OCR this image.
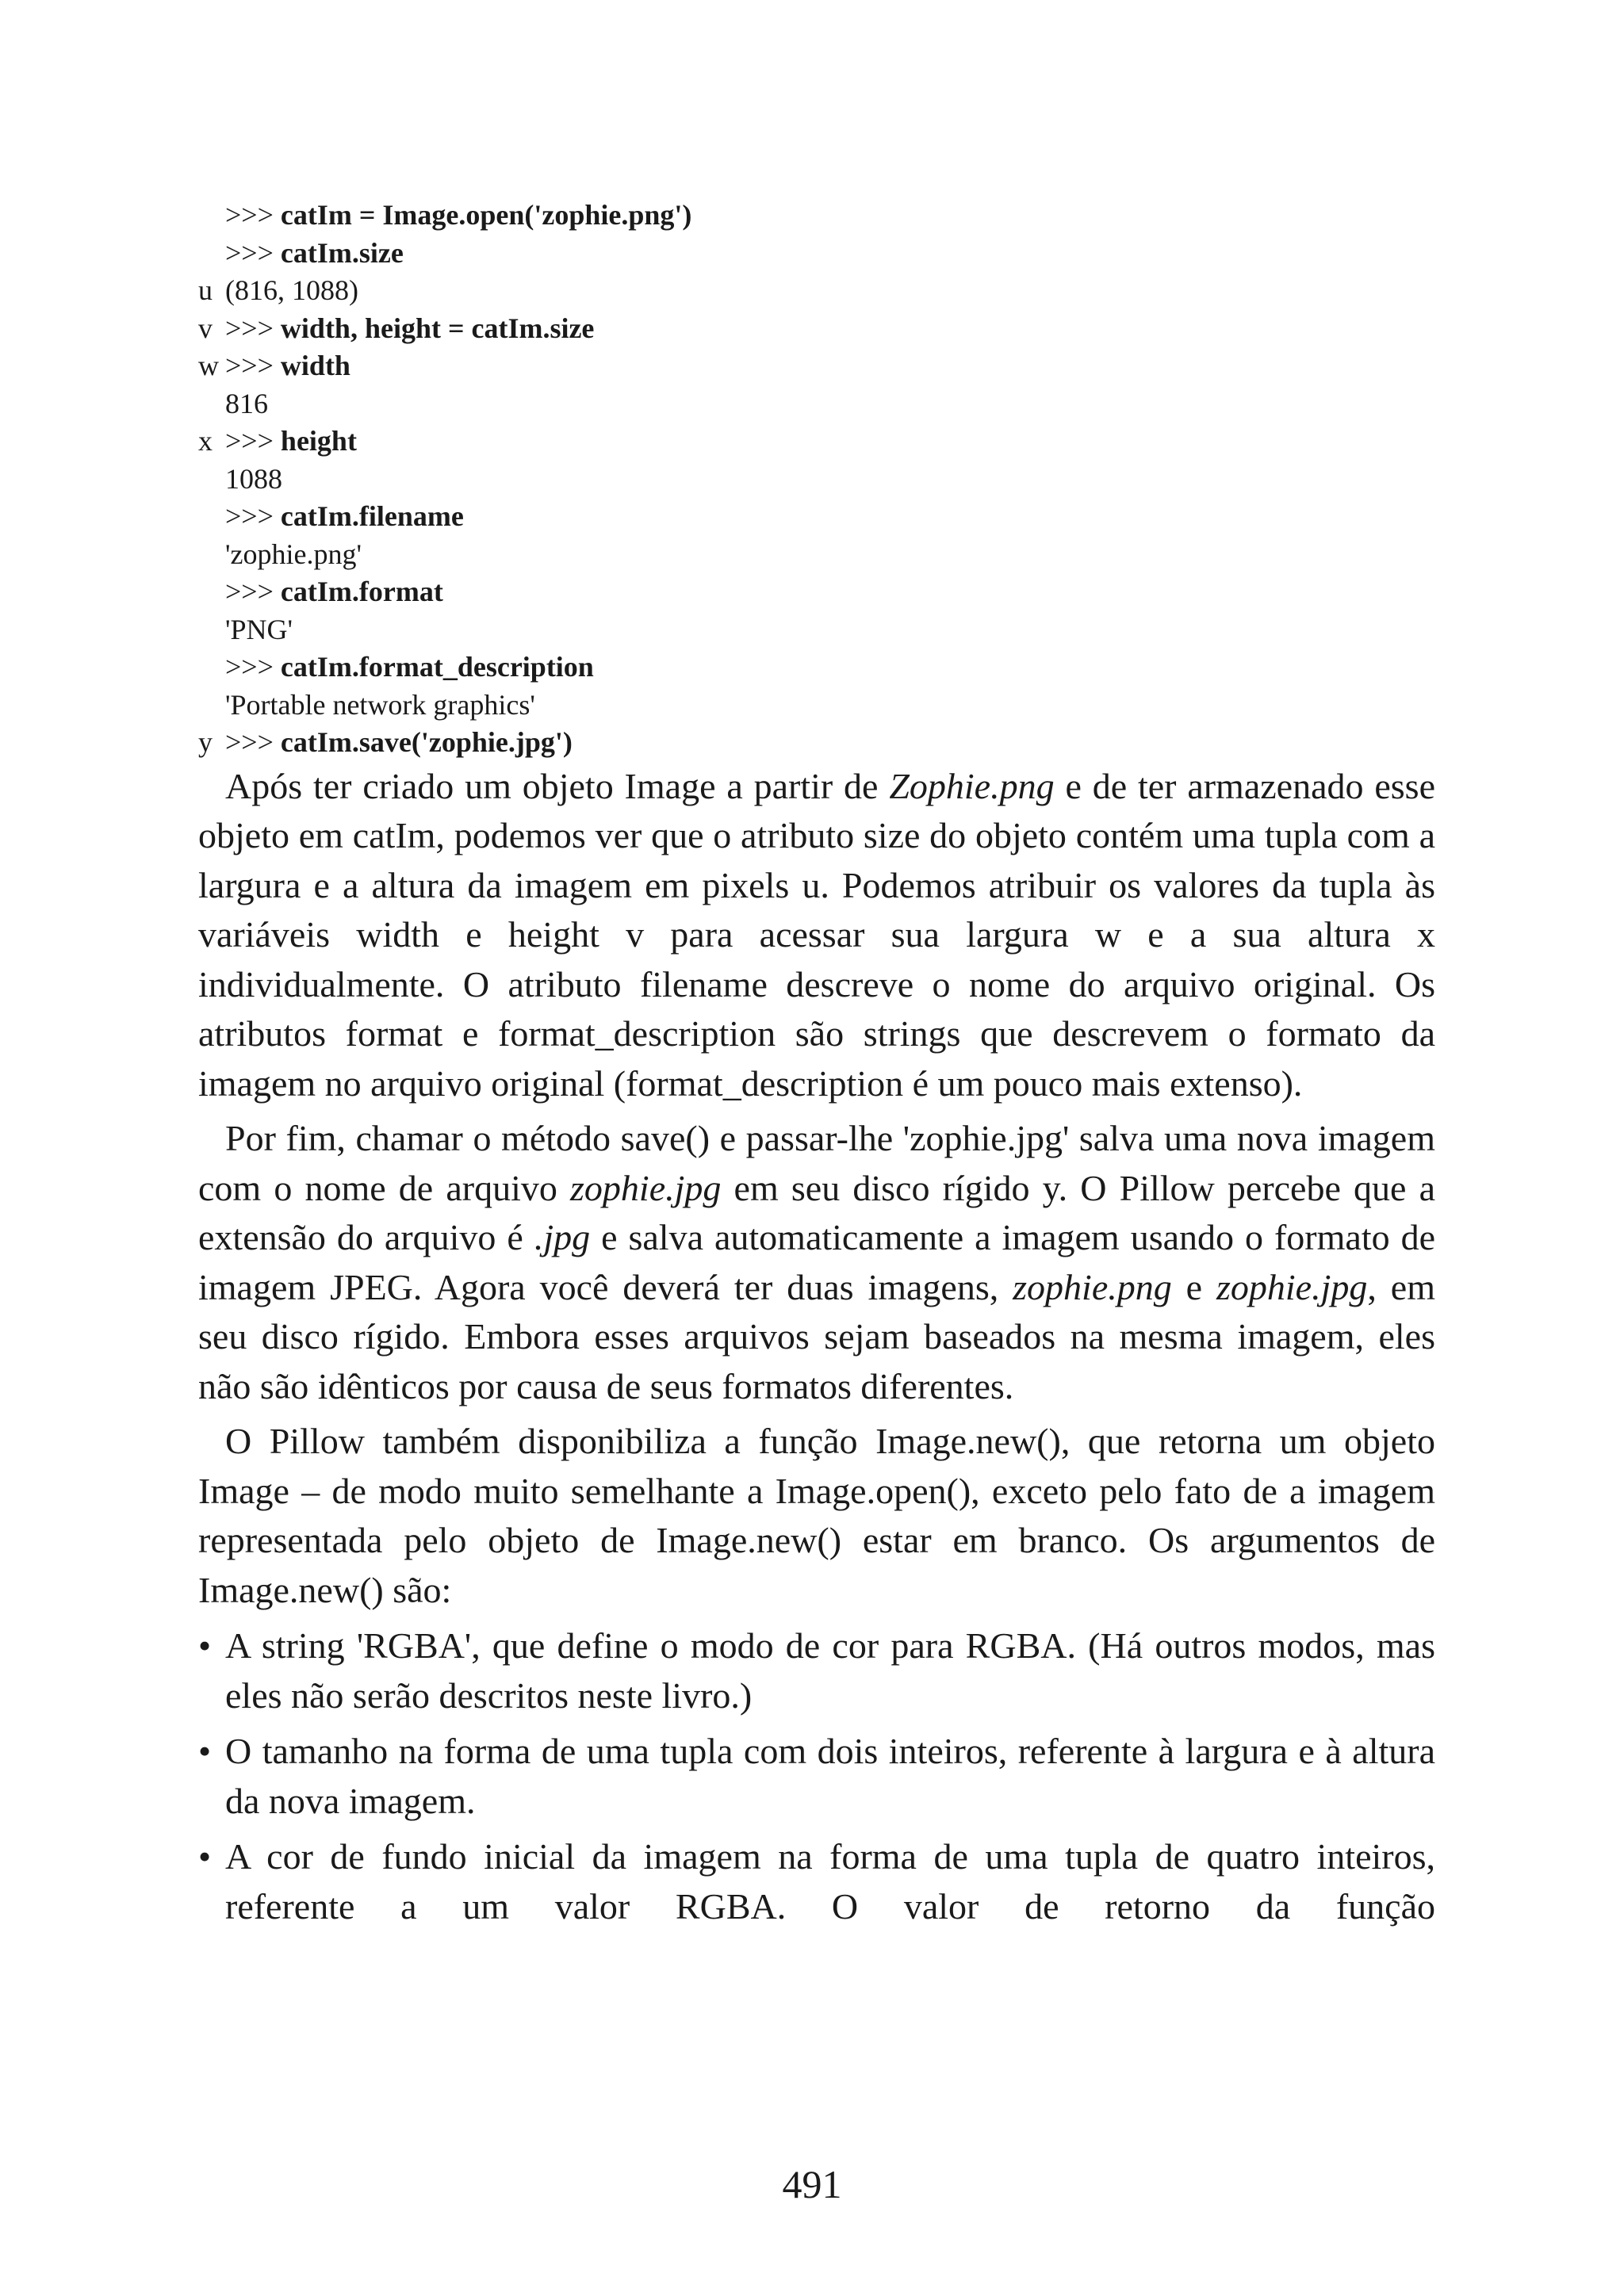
>>> catIm = Image.open('zophie.png')
>>> catIm.size
u (816, 1088)
v >>> width, height = catIm.size
w >>> width
816
x >>> height
1088
>>> catIm.filename
'zophie.png'
>>> catIm.format
'PNG'
>>> catIm.format_description
'Portable network graphics'
y >>> catIm.save('zophie.jpg')

Após ter criado um objeto Image a partir de Zophie.png e de ter armazenado esse objeto em catIm, podemos ver que o atributo size do objeto contém uma tupla com a largura e a altura da imagem em pixels u. Podemos atribuir os valores da tupla às variáveis width e height v para acessar sua largura w e a sua altura x individualmente. O atributo filename descreve o nome do arquivo original. Os atributos format e format_description são strings que descrevem o formato da imagem no arquivo original (format_description é um pouco mais extenso).

Por fim, chamar o método save() e passar-lhe 'zophie.jpg' salva uma nova imagem com o nome de arquivo zophie.jpg em seu disco rígido y. O Pillow percebe que a extensão do arquivo é .jpg e salva automaticamente a imagem usando o formato de imagem JPEG. Agora você deverá ter duas imagens, zophie.png e zophie.jpg, em seu disco rígido. Embora esses arquivos sejam baseados na mesma imagem, eles não são idênticos por causa de seus formatos diferentes.

O Pillow também disponibiliza a função Image.new(), que retorna um objeto Image – de modo muito semelhante a Image.open(), exceto pelo fato de a imagem representada pelo objeto de Image.new() estar em branco. Os argumentos de Image.new() são:

• A string 'RGBA', que define o modo de cor para RGBA. (Há outros modos, mas eles não serão descritos neste livro.)
• O tamanho na forma de uma tupla com dois inteiros, referente à largura e à altura da nova imagem.
• A cor de fundo inicial da imagem na forma de uma tupla de quatro inteiros, referente a um valor RGBA. O valor de retorno da função
491
